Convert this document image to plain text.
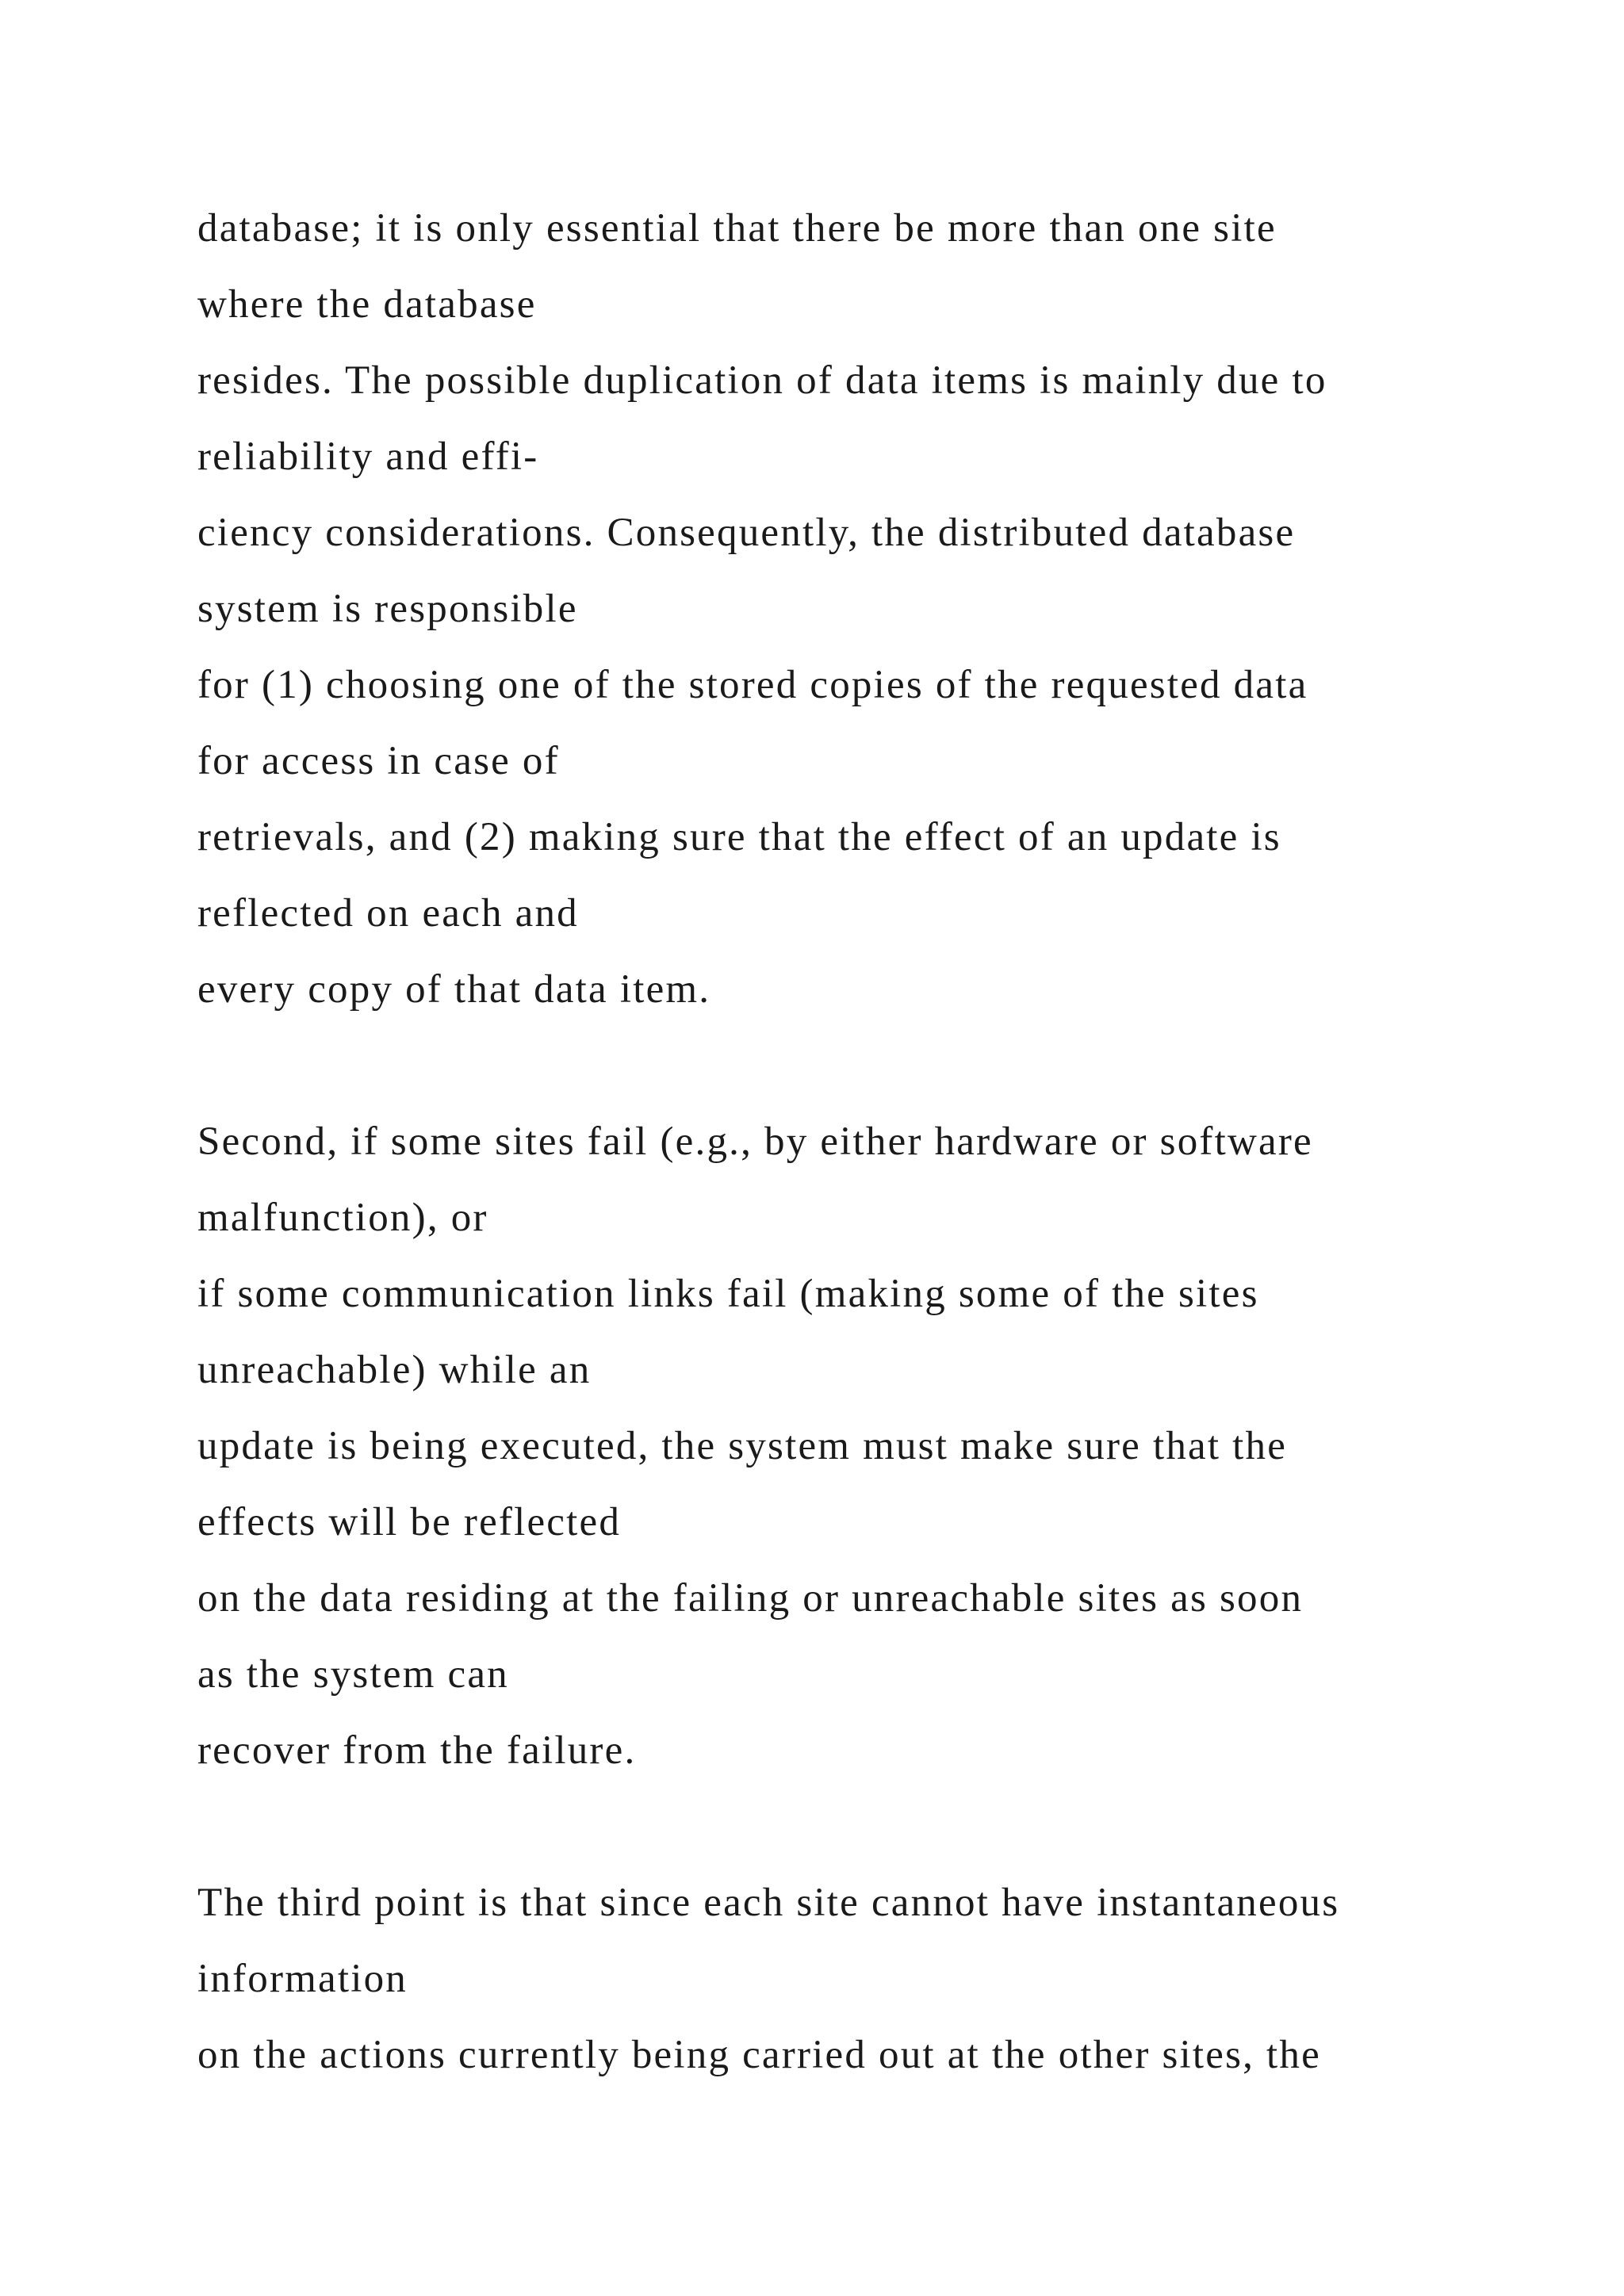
database; it is only essential that there be more than one site
where the database
resides. The possible duplication of data items is mainly due to
reliability and effi-
ciency considerations. Consequently, the distributed database
system is responsible
for (1) choosing one of the stored copies of the requested data
for access in case of
retrievals, and (2) making sure that the effect of an update is
reflected on each and
every copy of that data item.
Second, if some sites fail (e.g., by either hardware or software
malfunction), or
if some communication links fail (making some of the sites
unreachable) while an
update is being executed, the system must make sure that the
effects will be reflected
on the data residing at the failing or unreachable sites as soon
as the system can
recover from the failure.
The third point is that since each site cannot have instantaneous
information
on the actions currently being carried out at the other sites, the
